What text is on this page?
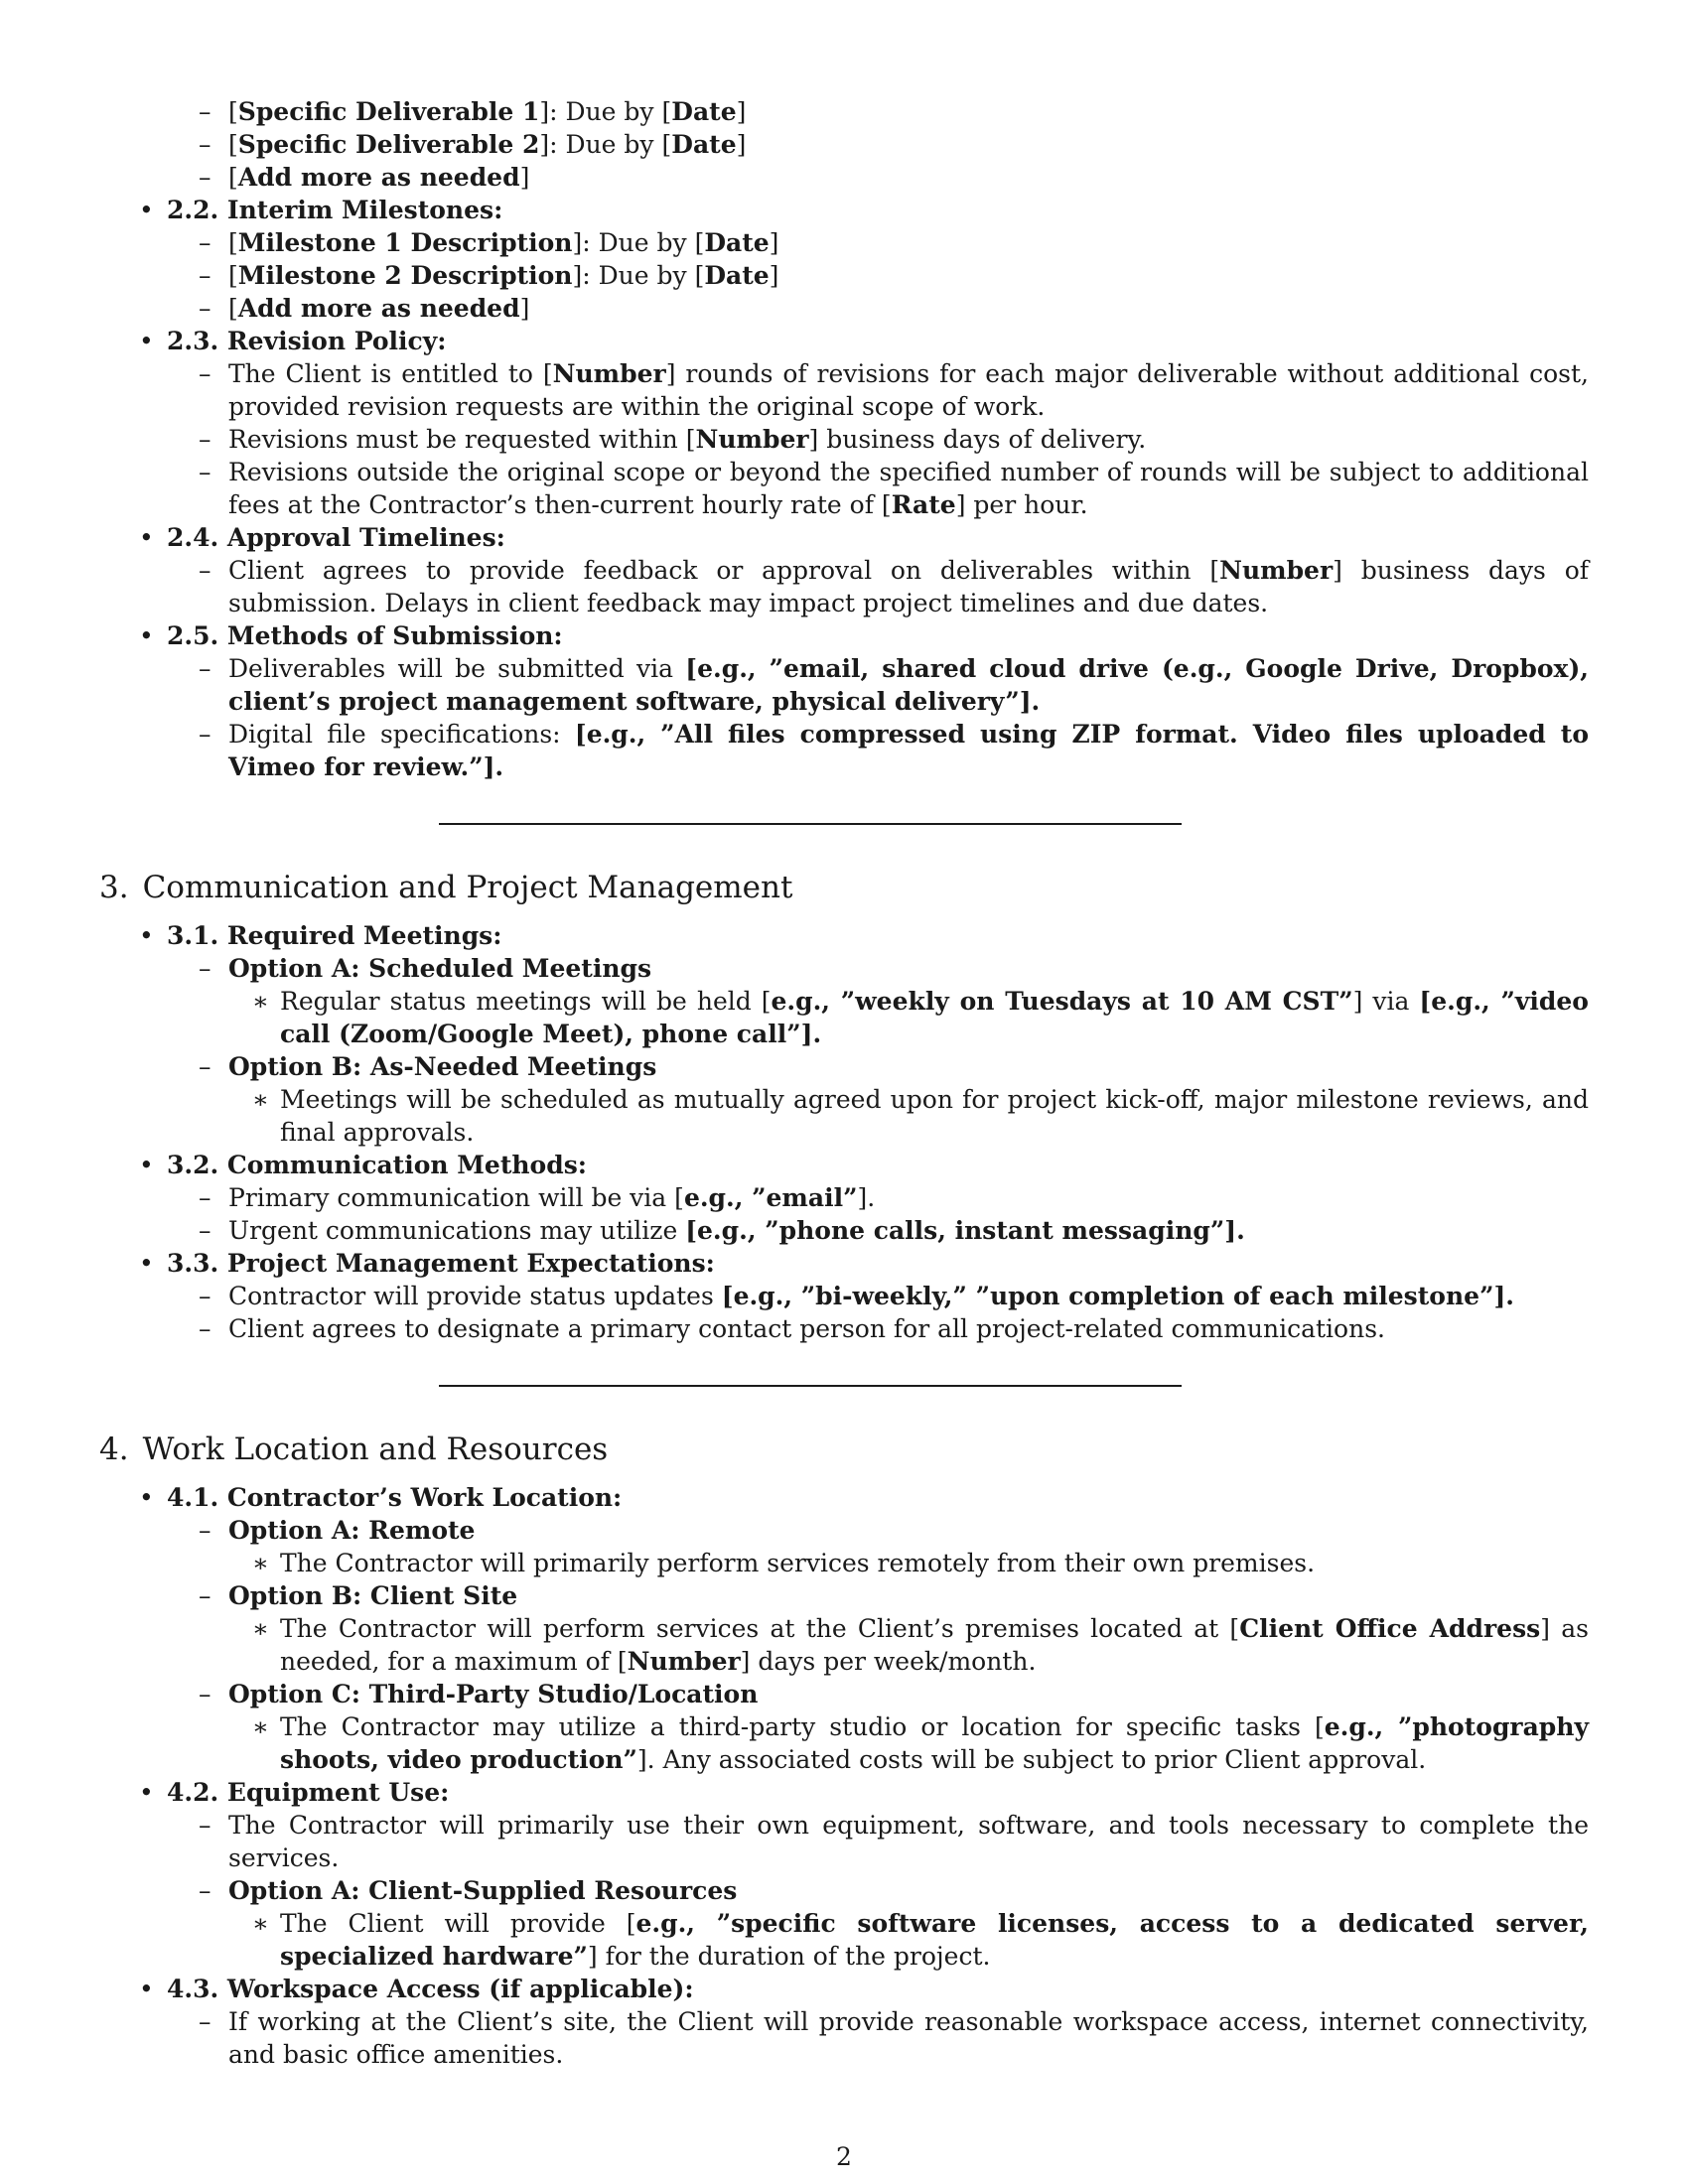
– [Specific Deliverable 1]: Due by [Date]
– [Specific Deliverable 2]: Due by [Date]
– [Add more as needed]
• 2.2. Interim Milestones:
– [Milestone 1 Description]: Due by [Date]
– [Milestone 2 Description]: Due by [Date]
– [Add more as needed]
• 2.3. Revision Policy:
– The Client is entitled to [Number] rounds of revisions for each major deliverable without additional cost, provided revision requests are within the original scope of work.
– Revisions must be requested within [Number] business days of delivery.
– Revisions outside the original scope or beyond the specified number of rounds will be subject to additional fees at the Contractor’s then-current hourly rate of [Rate] per hour.
• 2.4. Approval Timelines:
– Client agrees to provide feedback or approval on deliverables within [Number] business days of submission. Delays in client feedback may impact project timelines and due dates.
• 2.5. Methods of Submission:
– Deliverables will be submitted via [e.g., ”email, shared cloud drive (e.g., Google Drive, Dropbox), client’s project management software, physical delivery”].
– Digital file specifications: [e.g., ”All files compressed using ZIP format. Video files uploaded to Vimeo for review.”].
3. Communication and Project Management
• 3.1. Required Meetings:
– Option A: Scheduled Meetings
∗ Regular status meetings will be held [e.g., ”weekly on Tuesdays at 10 AM CST”] via [e.g., ”video call (Zoom/Google Meet), phone call”].
– Option B: As-Needed Meetings
∗ Meetings will be scheduled as mutually agreed upon for project kick-off, major milestone reviews, and final approvals.
• 3.2. Communication Methods:
– Primary communication will be via [e.g., ”email”].
– Urgent communications may utilize [e.g., ”phone calls, instant messaging”].
• 3.3. Project Management Expectations:
– Contractor will provide status updates [e.g., ”bi-weekly,” ”upon completion of each milestone”].
– Client agrees to designate a primary contact person for all project-related communications.
4. Work Location and Resources
• 4.1. Contractor’s Work Location:
– Option A: Remote
∗ The Contractor will primarily perform services remotely from their own premises.
– Option B: Client Site
∗ The Contractor will perform services at the Client’s premises located at [Client Office Address] as needed, for a maximum of [Number] days per week/month.
– Option C: Third-Party Studio/Location
∗ The Contractor may utilize a third-party studio or location for specific tasks [e.g., ”photography shoots, video production”]. Any associated costs will be subject to prior Client approval.
• 4.2. Equipment Use:
– The Contractor will primarily use their own equipment, software, and tools necessary to complete the services.
– Option A: Client-Supplied Resources
∗ The Client will provide [e.g., ”specific software licenses, access to a dedicated server, specialized hardware”] for the duration of the project.
• 4.3. Workspace Access (if applicable):
– If working at the Client’s site, the Client will provide reasonable workspace access, internet connectivity, and basic office amenities.
2
